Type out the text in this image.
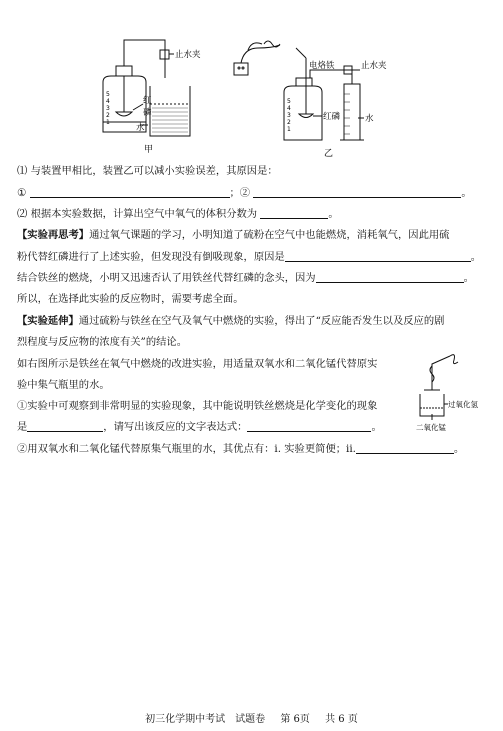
5
4
3
2
1
止水夹
红
磷
水
甲
5
4
3
2
1
电烙铁	止水夹
红磷	水
乙
⑴ 与装置甲相比，装置乙可以减小实验误差，其原因是：
①	；②	。
⑵ 根据本实验数据，计算出空气中氧气的体积分数为	。
【实验再思考】通过氧气课题的学习，小明知道了硫粉在空气中也能燃烧，消耗氧气，因此用硫
粉代替红磷进行了上述实验，但发现没有倒吸现象，原因是	。
结合铁丝的燃烧，小明又迅速否认了用铁丝代替红磷的念头，因为	。
所以，在选择此实验的反应物时，需要考虑全面。
【实验延伸】通过硫粉与铁丝在空气及氧气中燃烧的实验，得出了“反应能否发生以及反应的剧
烈程度与反应物的浓度有关”的结论。
如右图所示是铁丝在氧气中燃烧的改进实验，用适量双氧水和二氧化锰代替原实
验中集气瓶里的水。
①实验中可观察到非常明显的实验现象，其中能说明铁丝燃烧是化学变化的现象
是	，请写出该反应的文字表达式：	。
②用双氧水和二氧化锰代替原集气瓶里的水，其优点有：i. 实验更简便；ii.	。
过氧化氢
二氧化锰
初三化学期中考试　试题卷 第 6页 共 6 页
